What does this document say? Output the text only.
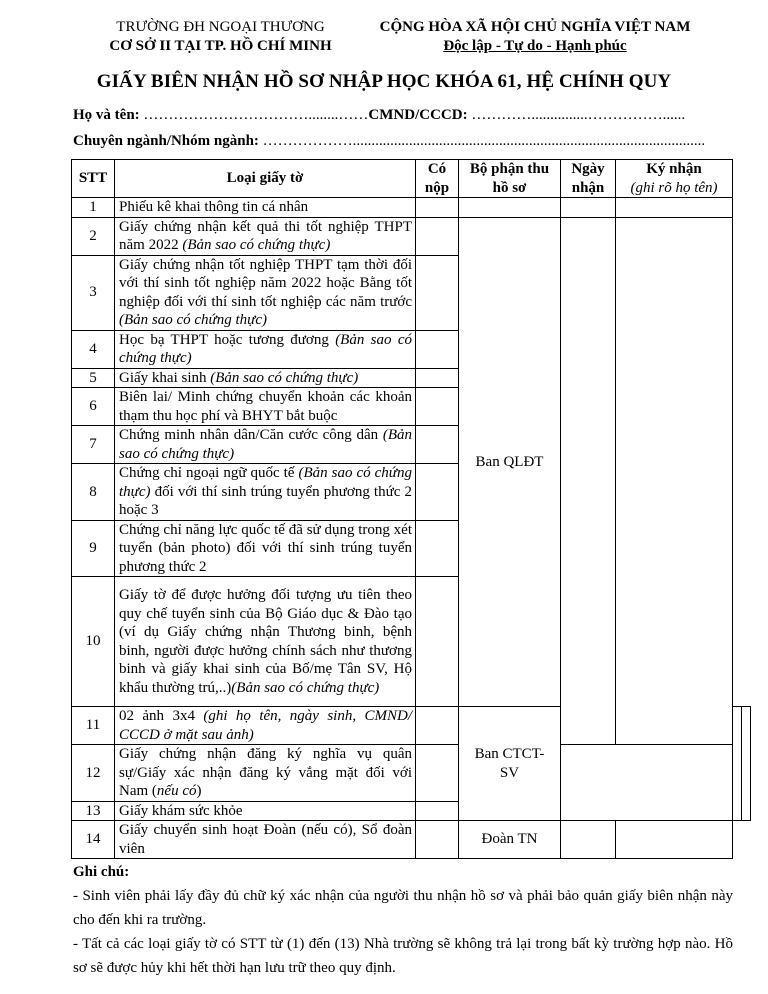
TRƯỜNG ĐH NGOẠI THƯƠNG
CƠ SỞ II TẠI TP. HỒ CHÍ MINH
CỘNG HÒA XÃ HỘI CHỦ NGHĨA VIỆT NAM
Độc lập - Tự do - Hạnh phúc
GIẤY BIÊN NHẬN HỒ SƠ NHẬP HỌC KHÓA 61, HỆ CHÍNH QUY
Họ và tên: ……………………………........……CMND/CCCD: …………...............……………......
Chuyên ngành/Nhóm ngành: ………………..............................................................................................
STT	Loại giấy tờ	Có nộp	Bộ phận thu hồ sơ	Ngày nhận	Ký nhận
(ghi rõ họ tên)		

1	Phiếu kê khai thông tin cá nhân						
2	Giấy chứng nhận kết quả thi tốt nghiệp THPT năm 2022 (Bản sao có chứng thực)		Ban QLĐT				
3	Giấy chứng nhận tốt nghiệp THPT tạm thời đối với thí sinh tốt nghiệp năm 2022 hoặc Bằng tốt nghiệp đối với thí sinh tốt nghiệp các năm trước (Bản sao có chứng thực)						
4	Học bạ THPT hoặc tương đương (Bản sao có chứng thực)						
5	Giấy khai sinh (Bản sao có chứng thực)						
6	Biên lai/ Minh chứng chuyển khoản các khoản thạm thu học phí và BHYT bắt buộc						
7	Chứng minh nhân dân/Căn cước công dân (Bản sao có chứng thực)						
8	Chứng chỉ ngoại ngữ quốc tế (Bản sao có chứng thực) đối với thí sinh trúng tuyển phương thức 2 hoặc 3						
9	Chứng chỉ năng lực quốc tế đã sử dụng trong xét tuyển (bản photo) đối với thí sinh trúng tuyển phương thức 2						
10	Giấy tờ để được hưởng đối tượng ưu tiên theo quy chế tuyển sinh của Bộ Giáo dục & Đào tạo (ví dụ Giấy chứng nhận Thương binh, bệnh binh, người được hưởng chính sách như thương binh và giấy khai sinh của Bố/mẹ Tân SV, Hộ khẩu thường trú,..)(Bản sao có chứng thực)						
11	02 ảnh 3x4 (ghi họ tên, ngày sinh, CMND/ CCCD ở mặt sau ảnh)		Ban CTCT-SV				
12	Giấy chứng nhận đăng ký nghĩa vụ quân sự/Giấy xác nhận đăng ký vắng mặt đối với Nam (nếu có)						
13	Giấy khám sức khỏe						
14	Giấy chuyển sinh hoạt Đoàn (nếu có), Sổ đoàn viên		Đoàn TN				
Ghi chú:
- Sinh viên phải lấy đầy đủ chữ ký xác nhận của người thu nhận hồ sơ và phải bảo quản giấy biên nhận này cho đến khi ra trường.
- Tất cả các loại giấy tờ có STT từ (1) đến (13) Nhà trường sẽ không trả lại trong bất kỳ trường hợp nào. Hồ sơ sẽ được hủy khi hết thời hạn lưu trữ theo quy định.
